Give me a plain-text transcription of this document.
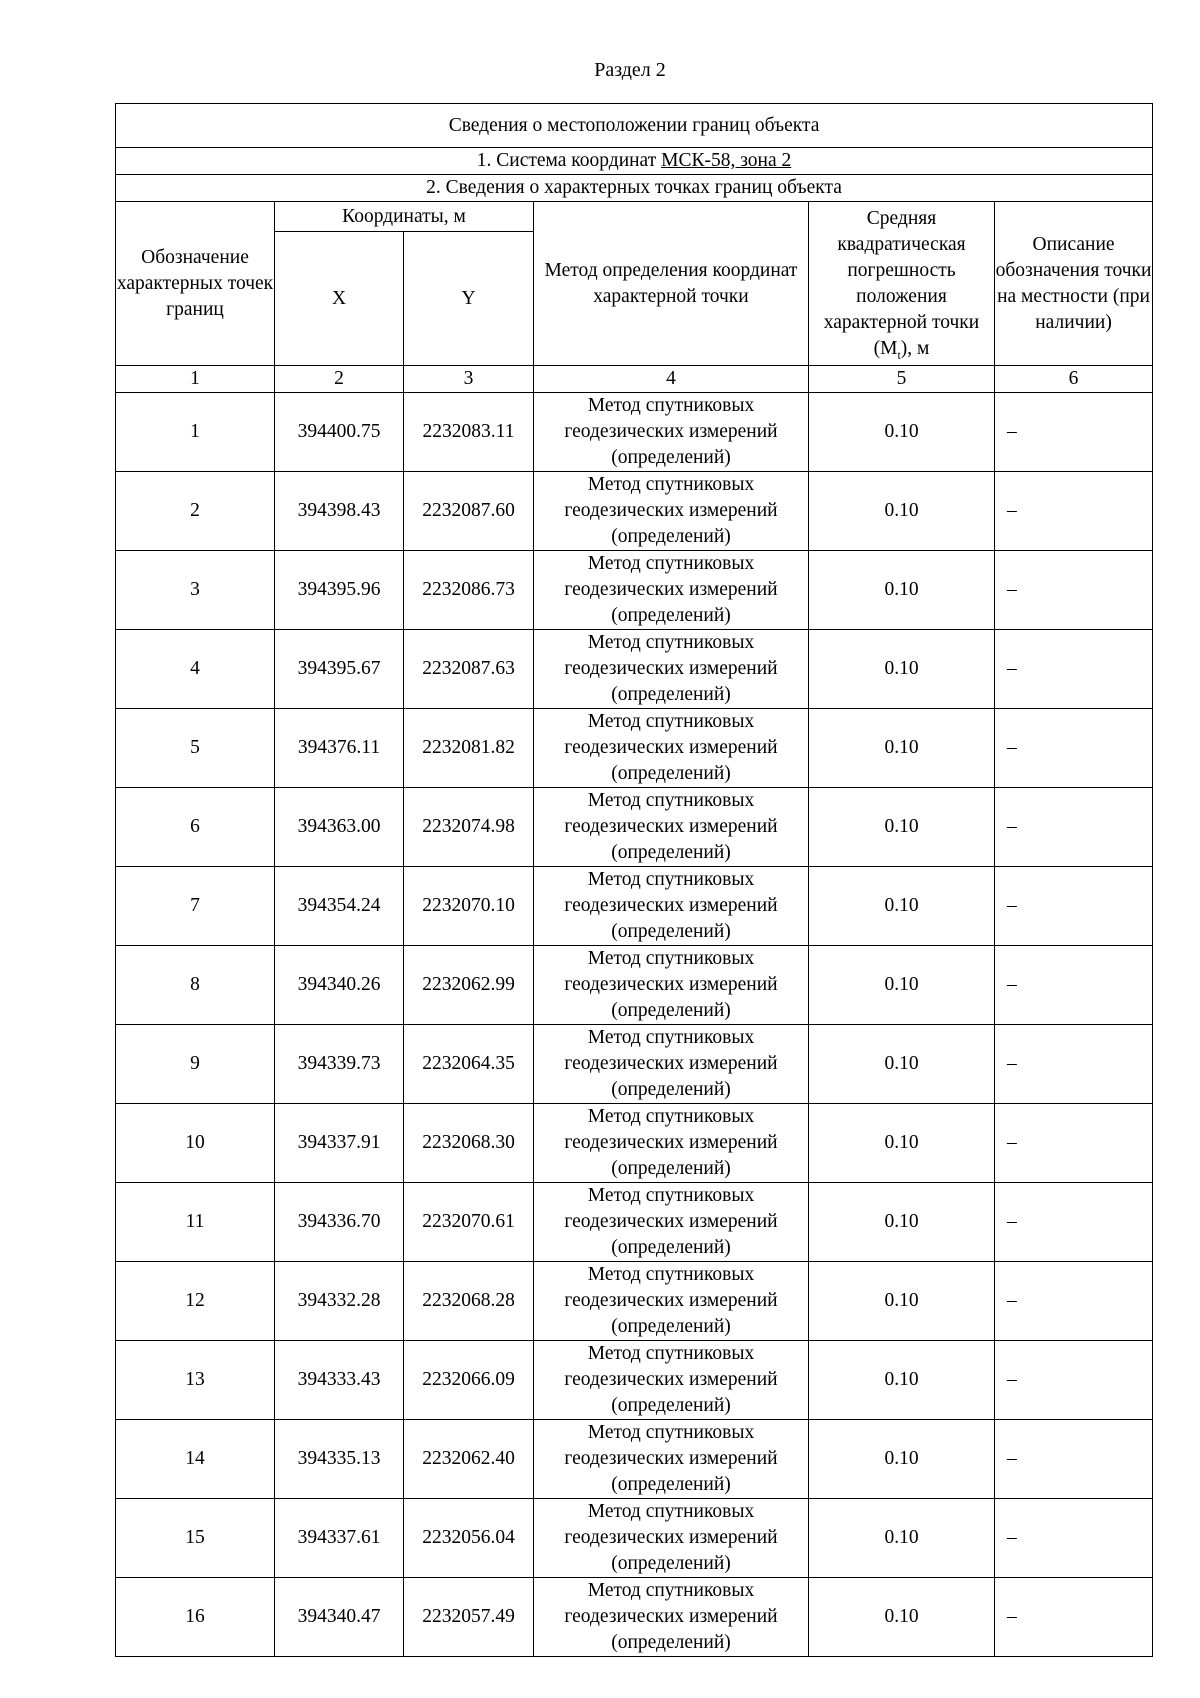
Раздел 2
Сведения о местоположении границ объекта					
1. Система координат МСК-58, зона 2					
2. Сведения о характерных точках границ объекта					
Обозначение характерных точек границ	Координаты, м		Метод определения координат характерной точки	Средняя квадратическая погрешность положения характерной точки $(M_t)$, м	Описание обозначения точки на местности (при наличии)
	X	Y			
1	2	3	4	5	6
1	394400.75	2232083.11	Метод спутниковых
геодезических измерений
(определений)	0.10	–
2	394398.43	2232087.60	Метод спутниковых
геодезических измерений
(определений)	0.10	–
3	394395.96	2232086.73	Метод спутниковых
геодезических измерений
(определений)	0.10	–
4	394395.67	2232087.63	Метод спутниковых
геодезических измерений
(определений)	0.10	–
5	394376.11	2232081.82	Метод спутниковых
геодезических измерений
(определений)	0.10	–
6	394363.00	2232074.98	Метод спутниковых
геодезических измерений
(определений)	0.10	–
7	394354.24	2232070.10	Метод спутниковых
геодезических измерений
(определений)	0.10	–
8	394340.26	2232062.99	Метод спутниковых
геодезических измерений
(определений)	0.10	–
9	394339.73	2232064.35	Метод спутниковых
геодезических измерений
(определений)	0.10	–
10	394337.91	2232068.30	Метод спутниковых
геодезических измерений
(определений)	0.10	–
11	394336.70	2232070.61	Метод спутниковых
геодезических измерений
(определений)	0.10	–
12	394332.28	2232068.28	Метод спутниковых
геодезических измерений
(определений)	0.10	–
13	394333.43	2232066.09	Метод спутниковых
геодезических измерений
(определений)	0.10	–
14	394335.13	2232062.40	Метод спутниковых
геодезических измерений
(определений)	0.10	–
15	394337.61	2232056.04	Метод спутниковых
геодезических измерений
(определений)	0.10	–
16	394340.47	2232057.49	Метод спутниковых
геодезических измерений
(определений)	0.10	–
